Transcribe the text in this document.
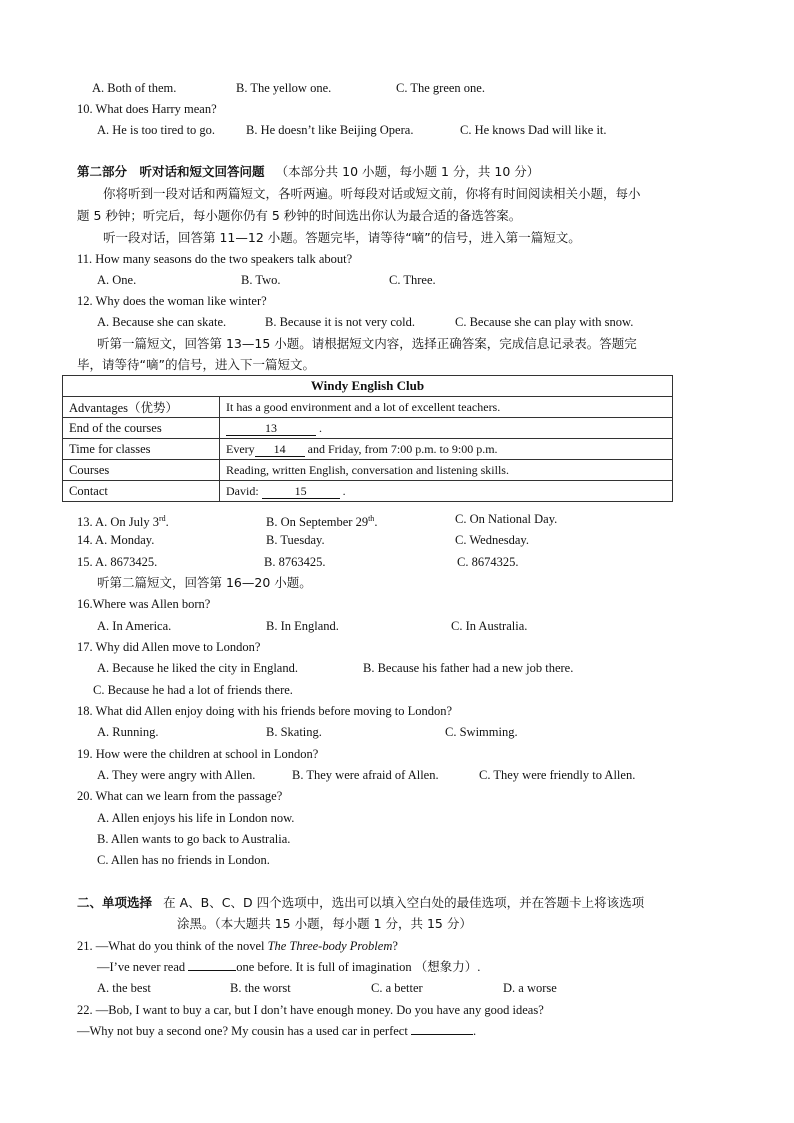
A. Both of them.	B. The yellow one.	C. The green one.
10. What does Harry mean?
A. He is too tired to go. B. He doesn’t like Beijing Opera.	C. He knows Dad will like it.
第二部分　听对话和短文回答问题 （本部分共 10 小题，每小题 1 分，共 10 分）
你将听到一段对话和两篇短文，各听两遍。听每段对话或短文前，你将有时间阅读相关小题，每小
题 5 秒钟；听完后，每小题你仍有 5 秒钟的时间选出你认为最合适的备选答案。
听一段对话，回答第 11—12 小题。答题完毕，请等待“嘀”的信号，进入第一篇短文。
11. How many seasons do the two speakers talk about?
A. One.	B. Two.	C. Three.
12. Why does the woman like winter?
A. Because she can skate.	B. Because it is not very cold.	C. Because she can play with snow.
听第一篇短文，回答第 13—15 小题。请根据短文内容，选择正确答案，完成信息记录表。答题完
毕，请等待“嘀”的信号，进入下一篇短文。
Windy English Club	
Advantages（优势）	It has a good environment and a lot of excellent teachers.
End of the courses	13 .
Time for classes	Every 14 and Friday, from 7:00 p.m. to 9:00 p.m.
Courses	Reading, written English, conversation and listening skills.
Contact	David: 15 .
13. A. On July 3rd.	B. On September 29th.	C. On National Day.
14. A. Monday.	B. Tuesday.	C. Wednesday.
15. A. 8673425.	B. 8763425.	C. 8674325.
听第二篇短文，回答第 16—20 小题。
16.Where was Allen born?
A. In America.	B. In England.	C. In Australia.
17. Why did Allen move to London?
A. Because he liked the city in England.	B. Because his father had a new job there.
C. Because he had a lot of friends there.
18. What did Allen enjoy doing with his friends before moving to London?
A. Running.	B. Skating.	C. Swimming.
19. How were the children at school in London?
A. They were angry with Allen.	B. They were afraid of Allen.	C. They were friendly to Allen.
20. What can we learn from the passage?
A. Allen enjoys his life in London now.
B. Allen wants to go back to Australia.
C. Allen has no friends in London.
二、单项选择 在 A、B、C、D 四个选项中，选出可以填入空白处的最佳选项，并在答题卡上将该选项
涂黑。（本大题共 15 小题，每小题 1 分，共 15 分）
21. —What do you think of the novel The Three-body Problem?
—I’ve never read	one before. It is full of imagination （想象力）.
A. the best	B. the worst	C. a better	D. a worse
22. —Bob, I want to buy a car, but I don’t have enough money. Do you have any good ideas?
—Why not buy a second one? My cousin has a used car in perfect	.
